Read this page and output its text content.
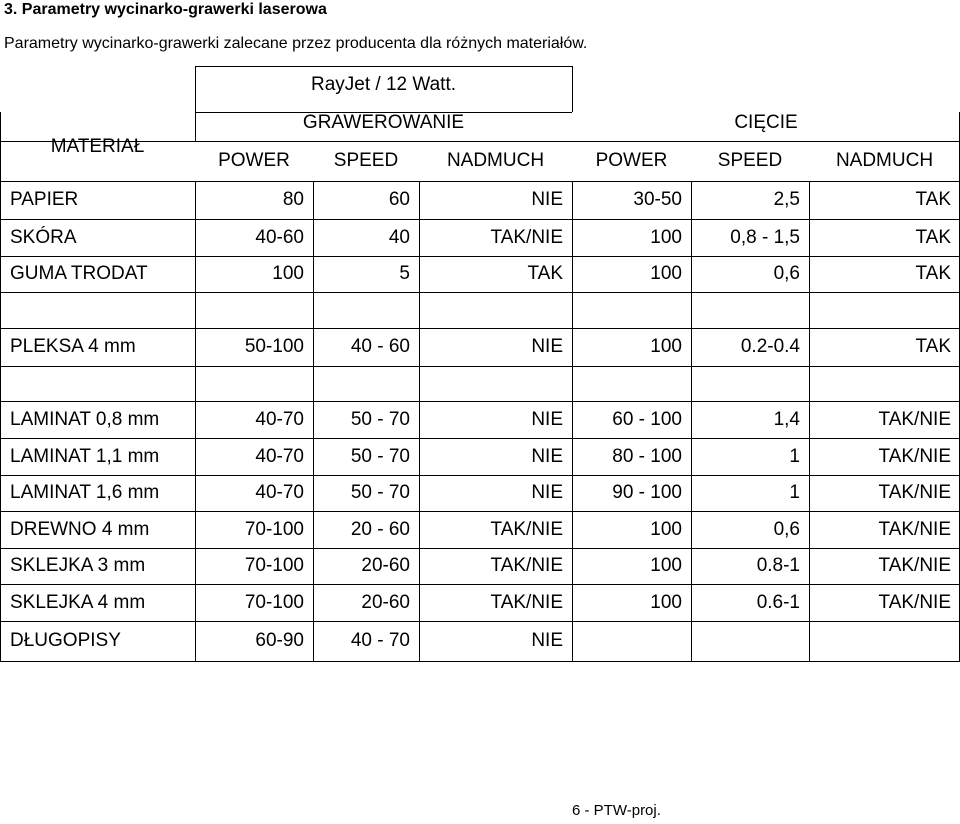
3. Parametry wycinarko-grawerki laserowa
Parametry wycinarko-grawerki zalecane przez producenta dla różnych materiałów.
RayJet / 12 Watt.
GRAWEROWANIE	CIĘCIE
MATERIAŁ
POWER	SPEED	NADMUCH	POWER	SPEED	NADMUCH
PAPIER	80	60	NIE	30-50	2,5	TAK
SKÓRA	40-60	40	TAK/NIE	100	0,8 - 1,5	TAK
GUMA TRODAT	100	5	TAK	100	0,6	TAK
PLEKSA 4 mm	50-100	40 - 60	NIE	100	0.2-0.4	TAK
LAMINAT 0,8 mm	40-70	50 - 70	NIE	60 - 100	1,4	TAK/NIE
LAMINAT 1,1 mm	40-70	50 - 70	NIE	80 - 100	1	TAK/NIE
LAMINAT 1,6 mm	40-70	50 - 70	NIE	90 - 100	1	TAK/NIE
DREWNO 4 mm	70-100	20 - 60	TAK/NIE	100	0,6	TAK/NIE
SKLEJKA 3 mm	70-100	20-60	TAK/NIE	100	0.8-1	TAK/NIE
SKLEJKA 4 mm	70-100	20-60	TAK/NIE	100	0.6-1	TAK/NIE
DŁUGOPISY	60-90	40 - 70	NIE
6 - PTW-proj.
